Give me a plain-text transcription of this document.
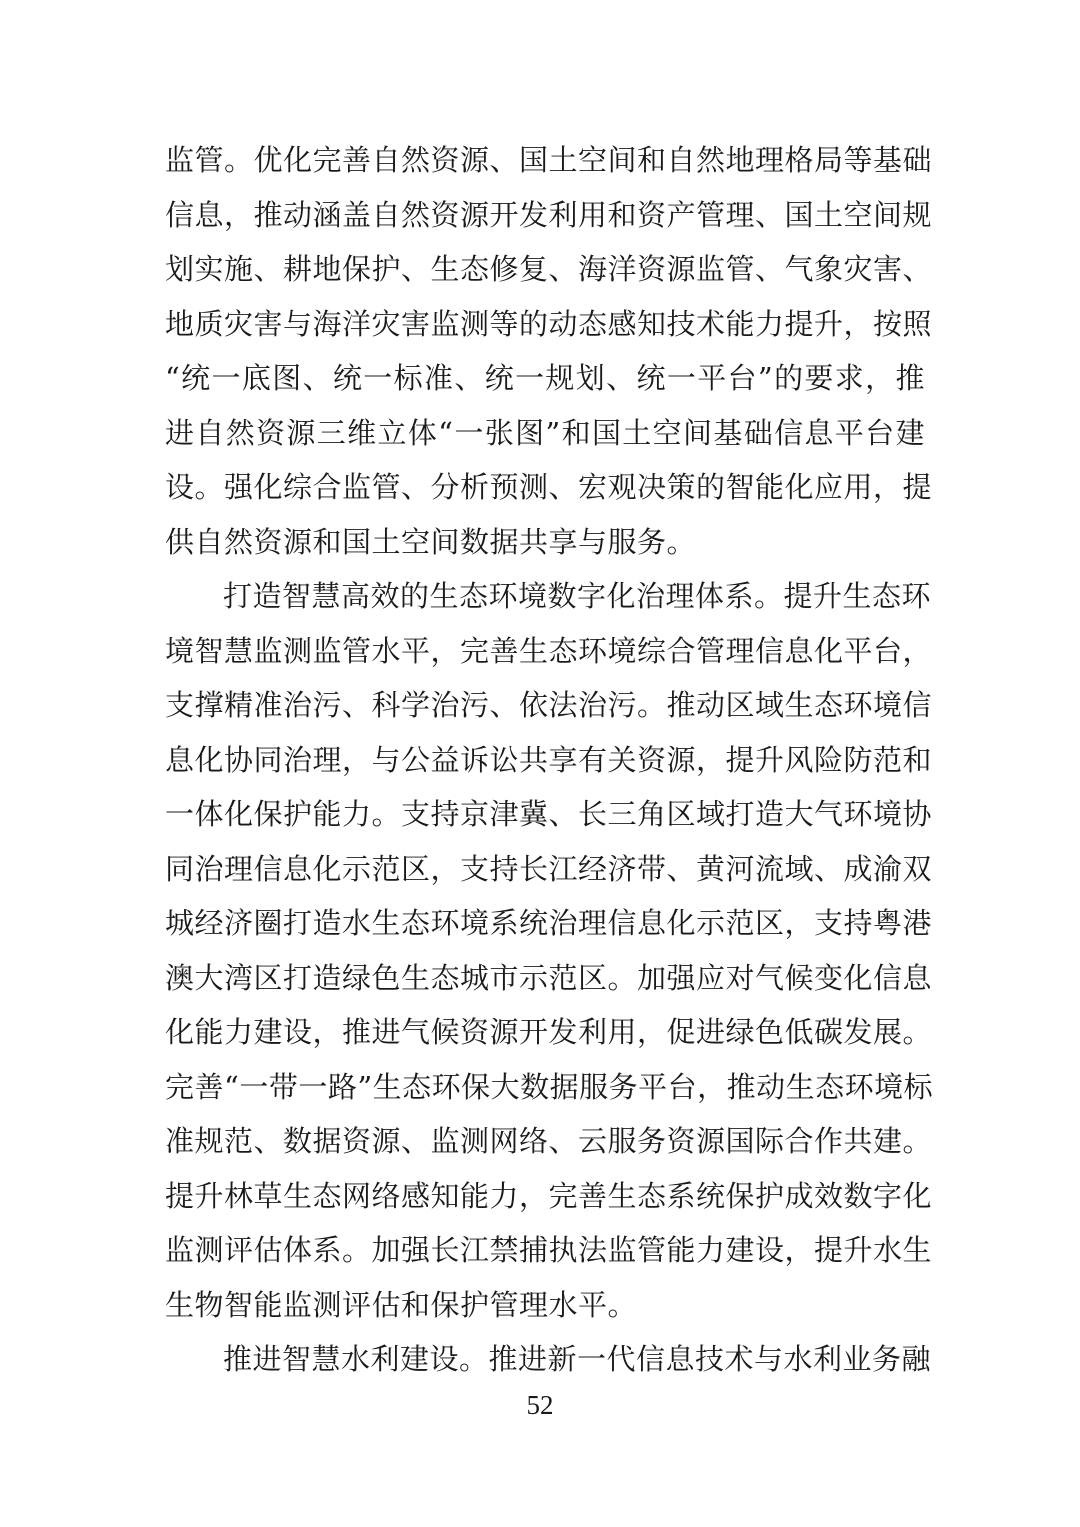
监管。优化完善自然资源、国土空间和自然地理格局等基础
信息，推动涵盖自然资源开发利用和资产管理、国土空间规
划实施、耕地保护、生态修复、海洋资源监管、气象灾害、
地质灾害与海洋灾害监测等的动态感知技术能力提升，按照
“统一底图、统一标准、统一规划、统一平台”的要求，推
进自然资源三维立体“一张图”和国土空间基础信息平台建
设。强化综合监管、分析预测、宏观决策的智能化应用，提
供自然资源和国土空间数据共享与服务。
打造智慧高效的生态环境数字化治理体系。提升生态环
境智慧监测监管水平，完善生态环境综合管理信息化平台，
支撑精准治污、科学治污、依法治污。推动区域生态环境信
息化协同治理，与公益诉讼共享有关资源，提升风险防范和
一体化保护能力。支持京津冀、长三角区域打造大气环境协
同治理信息化示范区，支持长江经济带、黄河流域、成渝双
城经济圈打造水生态环境系统治理信息化示范区，支持粤港
澳大湾区打造绿色生态城市示范区。加强应对气候变化信息
化能力建设，推进气候资源开发利用，促进绿色低碳发展。
完善“一带一路”生态环保大数据服务平台，推动生态环境标
准规范、数据资源、监测网络、云服务资源国际合作共建。
提升林草生态网络感知能力，完善生态系统保护成效数字化
监测评估体系。加强长江禁捕执法监管能力建设，提升水生
生物智能监测评估和保护管理水平。
推进智慧水利建设。推进新一代信息技术与水利业务融
52
